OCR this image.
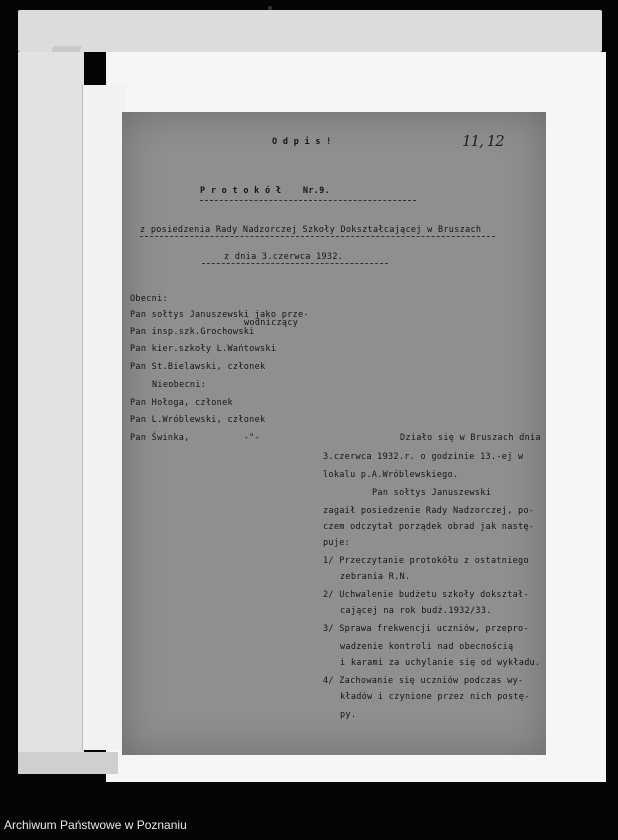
11, 12
O d p i s !
P r o t o k ó ł    Nr.9.
z posiedzenia Rady Nadzorczej Szkoły Dokształcającej w Bruszach
z dnia 3.czerwca 1932.
Obecni:
Pan sołtys Januszewski jako prze-
wodniczący
Pan insp.szk.Grochowski
Pan kier.szkoły L.Wańtowski
Pan St.Bielawski, członek
Nieobecni:
Pan Hołoga, członek
Pan L.Wróblewski, członek
Pan Świnka,          -"-	Działo się w Bruszach dnia
3.czerwca 1932.r. o godzinie 13.-ej w
lokalu p.A.Wróblewskiego.
Pan sołtys Januszewski
zagaił posiedzenie Rady Nadzorczej, po-
czem odczytał porządek obrad jak nastę-
puje:
1/ Przeczytanie protokółu z ostatniego
zebrania R.N.
2/ Uchwalenie budżetu szkoły dokształ-
cającej na rok budż.1932/33.
3/ Sprawa frekwencji uczniów, przepro-
wadzenie kontroli nad obecnością
i karami za uchylanie się od wykładu.
4/ Zachowanie się uczniów podczas wy-
kładów i czynione przez nich postę-
py.
Archiwum Państwowe w Poznaniu
